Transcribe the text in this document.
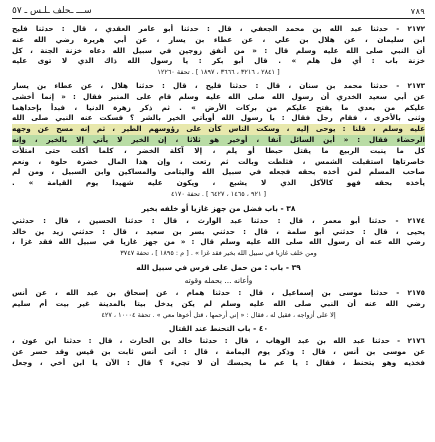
٧٨٩
ســـ ـحلف ـلـس ـ ٥٧
٢١٧٢ - حدثنا عبد الله بن محمد الجعفي ، قال : حدثنا أبو عامر العقدي ، قال : حدثنا فليح
ابن سليمان ، عن هلال بن علي ، عن عطاء بن يسار ، عن أبي هريرة رضي الله عنه
أن النبي صلى الله عليه وسلم قال : « من أنفق زوجين في سبيل الله دعاه خزنة الجنة ، كل
خزنة باب : أي فل هلم » . قال أبو بكر : يا رسول الله ذاك الذي لا توى عليه
[ ٢٨٤١ ، ٣٢١٦ ، ٣٦٦٦ ، ١٨٩٧ ] . تحفة ١٢٢٦٠
٢١٧٣ - حدثنا محمد بن سنان ، قال : حدثنا فليح ، قال : حدثنا هلال ، عن عطاء بن يسار
عن أبي سعيد الخدري أن رسول الله صلى الله عليه وسلم قام على المنبر فقال : « إنما أخشى
عليكم من بعدي ما يفتح عليكم من بركات الأرض » . ثم ذكر زهرة الدنيا ، فبدأ بإحداهما
وثنى بالأخرى ، فقام رجل فقال : يا رسول الله أويأتي الخير بالشر ؟ فسكت عنه النبي صلى الله
عليه وسلم ، قلنا : يوحى إليه ، وسكت الناس كأن على رؤوسهم الطير ، ثم إنه مسح عن وجهه
الرحضاء فقال : « أين السائل آنفا ، أوخير هو ثلاثا ، إن الخير لا يأتي إلا بالخير ، وإنه
كل ما ينبت الربيع ما يقتل حبطا أو يلم ، إلا آكلة الخضر ، كلما أكلت حتى امتلأت
خاصرتاها استقبلت الشمس ، فثلطت وبالت ثم رتعت ، وإن هذا المال خضرة حلوة ، ونعم
صاحب المسلم لمن أخذه بحقه فجعله في سبيل الله واليتامى والمساكين وابن السبيل ، ومن لم
يأخذه بحقه فهو كالآكل الذي لا يشبع ، ويكون عليه شهيدا يوم القيامة » .
[ ٩٢١ ، ١٤٦٥ ، ٦٤٢٧ ] . تحفة ٤١٧٠
٣٨ - باب فضل من جهز غازيا أو خلفه بخير
٢١٧٤ - حدثنا أبو معمر ، قال : حدثنا عبد الوارث ، قال : حدثنا الحسين ، قال : حدثني
يحيى ، قال : حدثني أبو سلمة ، قال : حدثني بسر بن سعيد ، قال : حدثني زيد بن خالد
رضي الله عنه أن رسول الله صلى الله عليه وسلم قال : « من جهز غازيا في سبيل الله فقد غزا ،
ومن خلف غازيا في سبيل الله بخير فقد غزا » . [ م : ١٨٩٥ ] ، تحفة ٣٧٤٧
٣٩ - باب : من حمل على فرس في سبيل الله
وأعانه ... بحمله وقوته
٢١٧٥ - حدثنا موسى بن إسماعيل ، قال : حدثنا همام ، عن إسحاق بن عبد الله ، عن أنس
رضي الله عنه أن النبي صلى الله عليه وسلم لم يكن يدخل بيتا بالمدينة غير بيت أم سليم
إلا على أزواجه ، فقيل له ، فقال : « إني أرحمها ، قتل أخوها معي » . تحفة ١٠٠٠٤ ، ٤٢٧
٤٠ - باب التحنط عند القتال
٢١٧٦ - حدثنا عبد الله بن عبد الوهاب ، قال : حدثنا خالد بن الحارث ، قال : حدثنا ابن عون ،
عن موسى بن أنس ، قال : وذكر يوم اليمامة ، قال : أتى أنس ثابت بن قيس وقد حسر عن
فخذيه وهو يتحنط ، فقال : يا عم ما يحبسك أن لا تجيء ؟ قال : الآن يا ابن أخي ، وجعل
